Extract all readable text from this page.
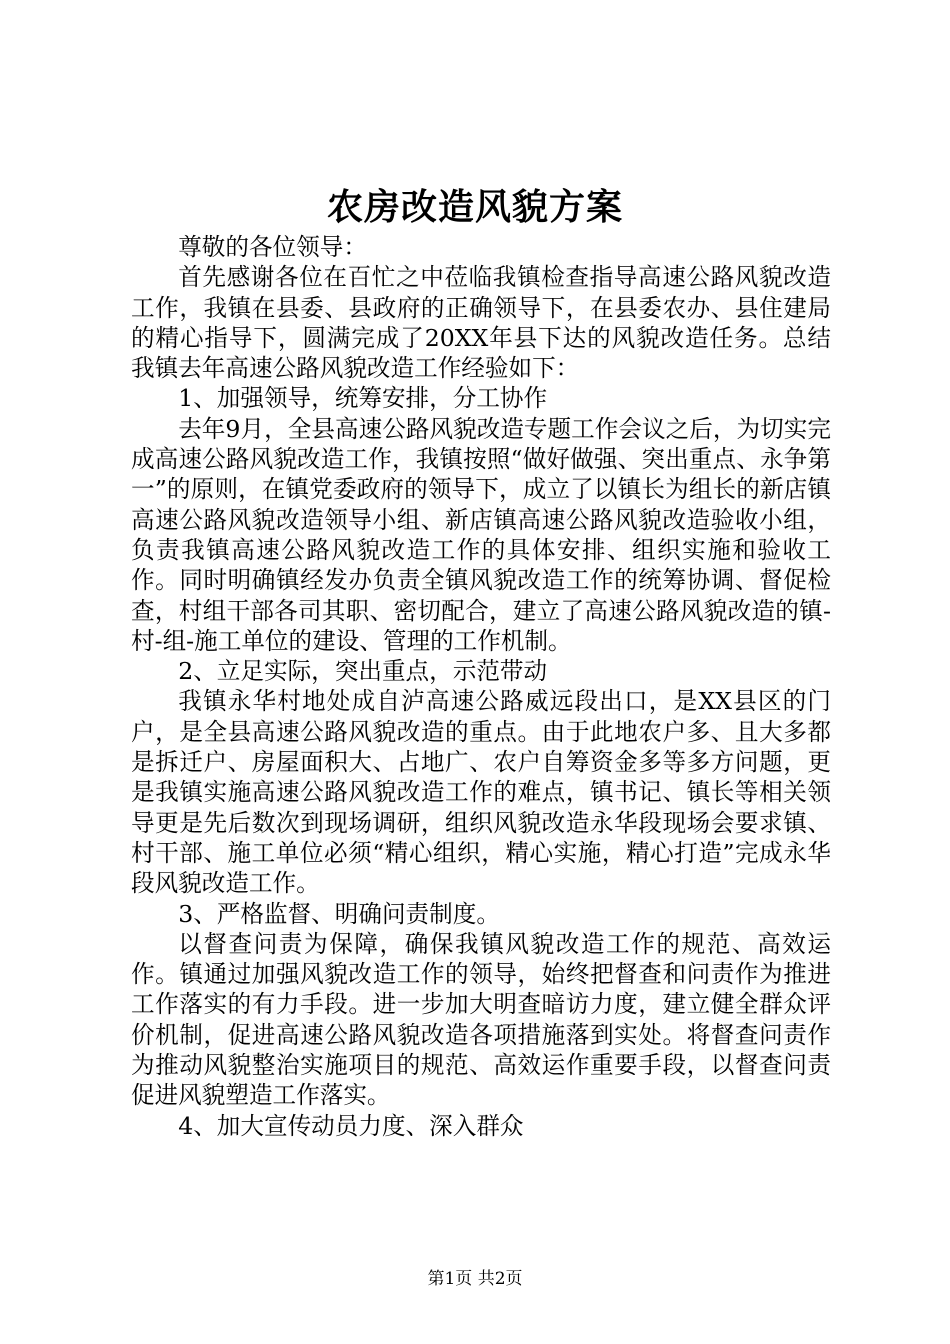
农房改造风貌方案

尊敬的各位领导：

首先感谢各位在百忙之中莅临我镇检查指导高速公路风貌改造工作，我镇在县委、县政府的正确领导下，在县委农办、县住建局的精心指导下，圆满完成了20XX年县下达的风貌改造任务。总结我镇去年高速公路风貌改造工作经验如下：

1、加强领导，统筹安排，分工协作

去年9月，全县高速公路风貌改造专题工作会议之后，为切实完成高速公路风貌改造工作，我镇按照“做好做强、突出重点、永争第一”的原则，在镇党委政府的领导下，成立了以镇长为组长的新店镇高速公路风貌改造领导小组、新店镇高速公路风貌改造验收小组，负责我镇高速公路风貌改造工作的具体安排、组织实施和验收工作。同时明确镇经发办负责全镇风貌改造工作的统筹协调、督促检查，村组干部各司其职、密切配合，建立了高速公路风貌改造的镇-村-组-施工单位的建设、管理的工作机制。

2、立足实际，突出重点，示范带动

我镇永华村地处成自泸高速公路威远段出口，是XX县区的门户，是全县高速公路风貌改造的重点。由于此地农户多、且大多都是拆迁户、房屋面积大、占地广、农户自筹资金多等多方问题，更是我镇实施高速公路风貌改造工作的难点，镇书记、镇长等相关领导更是先后数次到现场调研，组织风貌改造永华段现场会要求镇、村干部、施工单位必须“精心组织，精心实施，精心打造”完成永华段风貌改造工作。

3、严格监督、明确问责制度。

以督查问责为保障，确保我镇风貌改造工作的规范、高效运作。镇通过加强风貌改造工作的领导，始终把督查和问责作为推进工作落实的有力手段。进一步加大明查暗访力度，建立健全群众评价机制，促进高速公路风貌改造各项措施落到实处。将督查问责作为推动风貌整治实施项目的规范、高效运作重要手段，以督查问责促进风貌塑造工作落实。

4、加大宣传动员力度、深入群众

第1页 共2页
